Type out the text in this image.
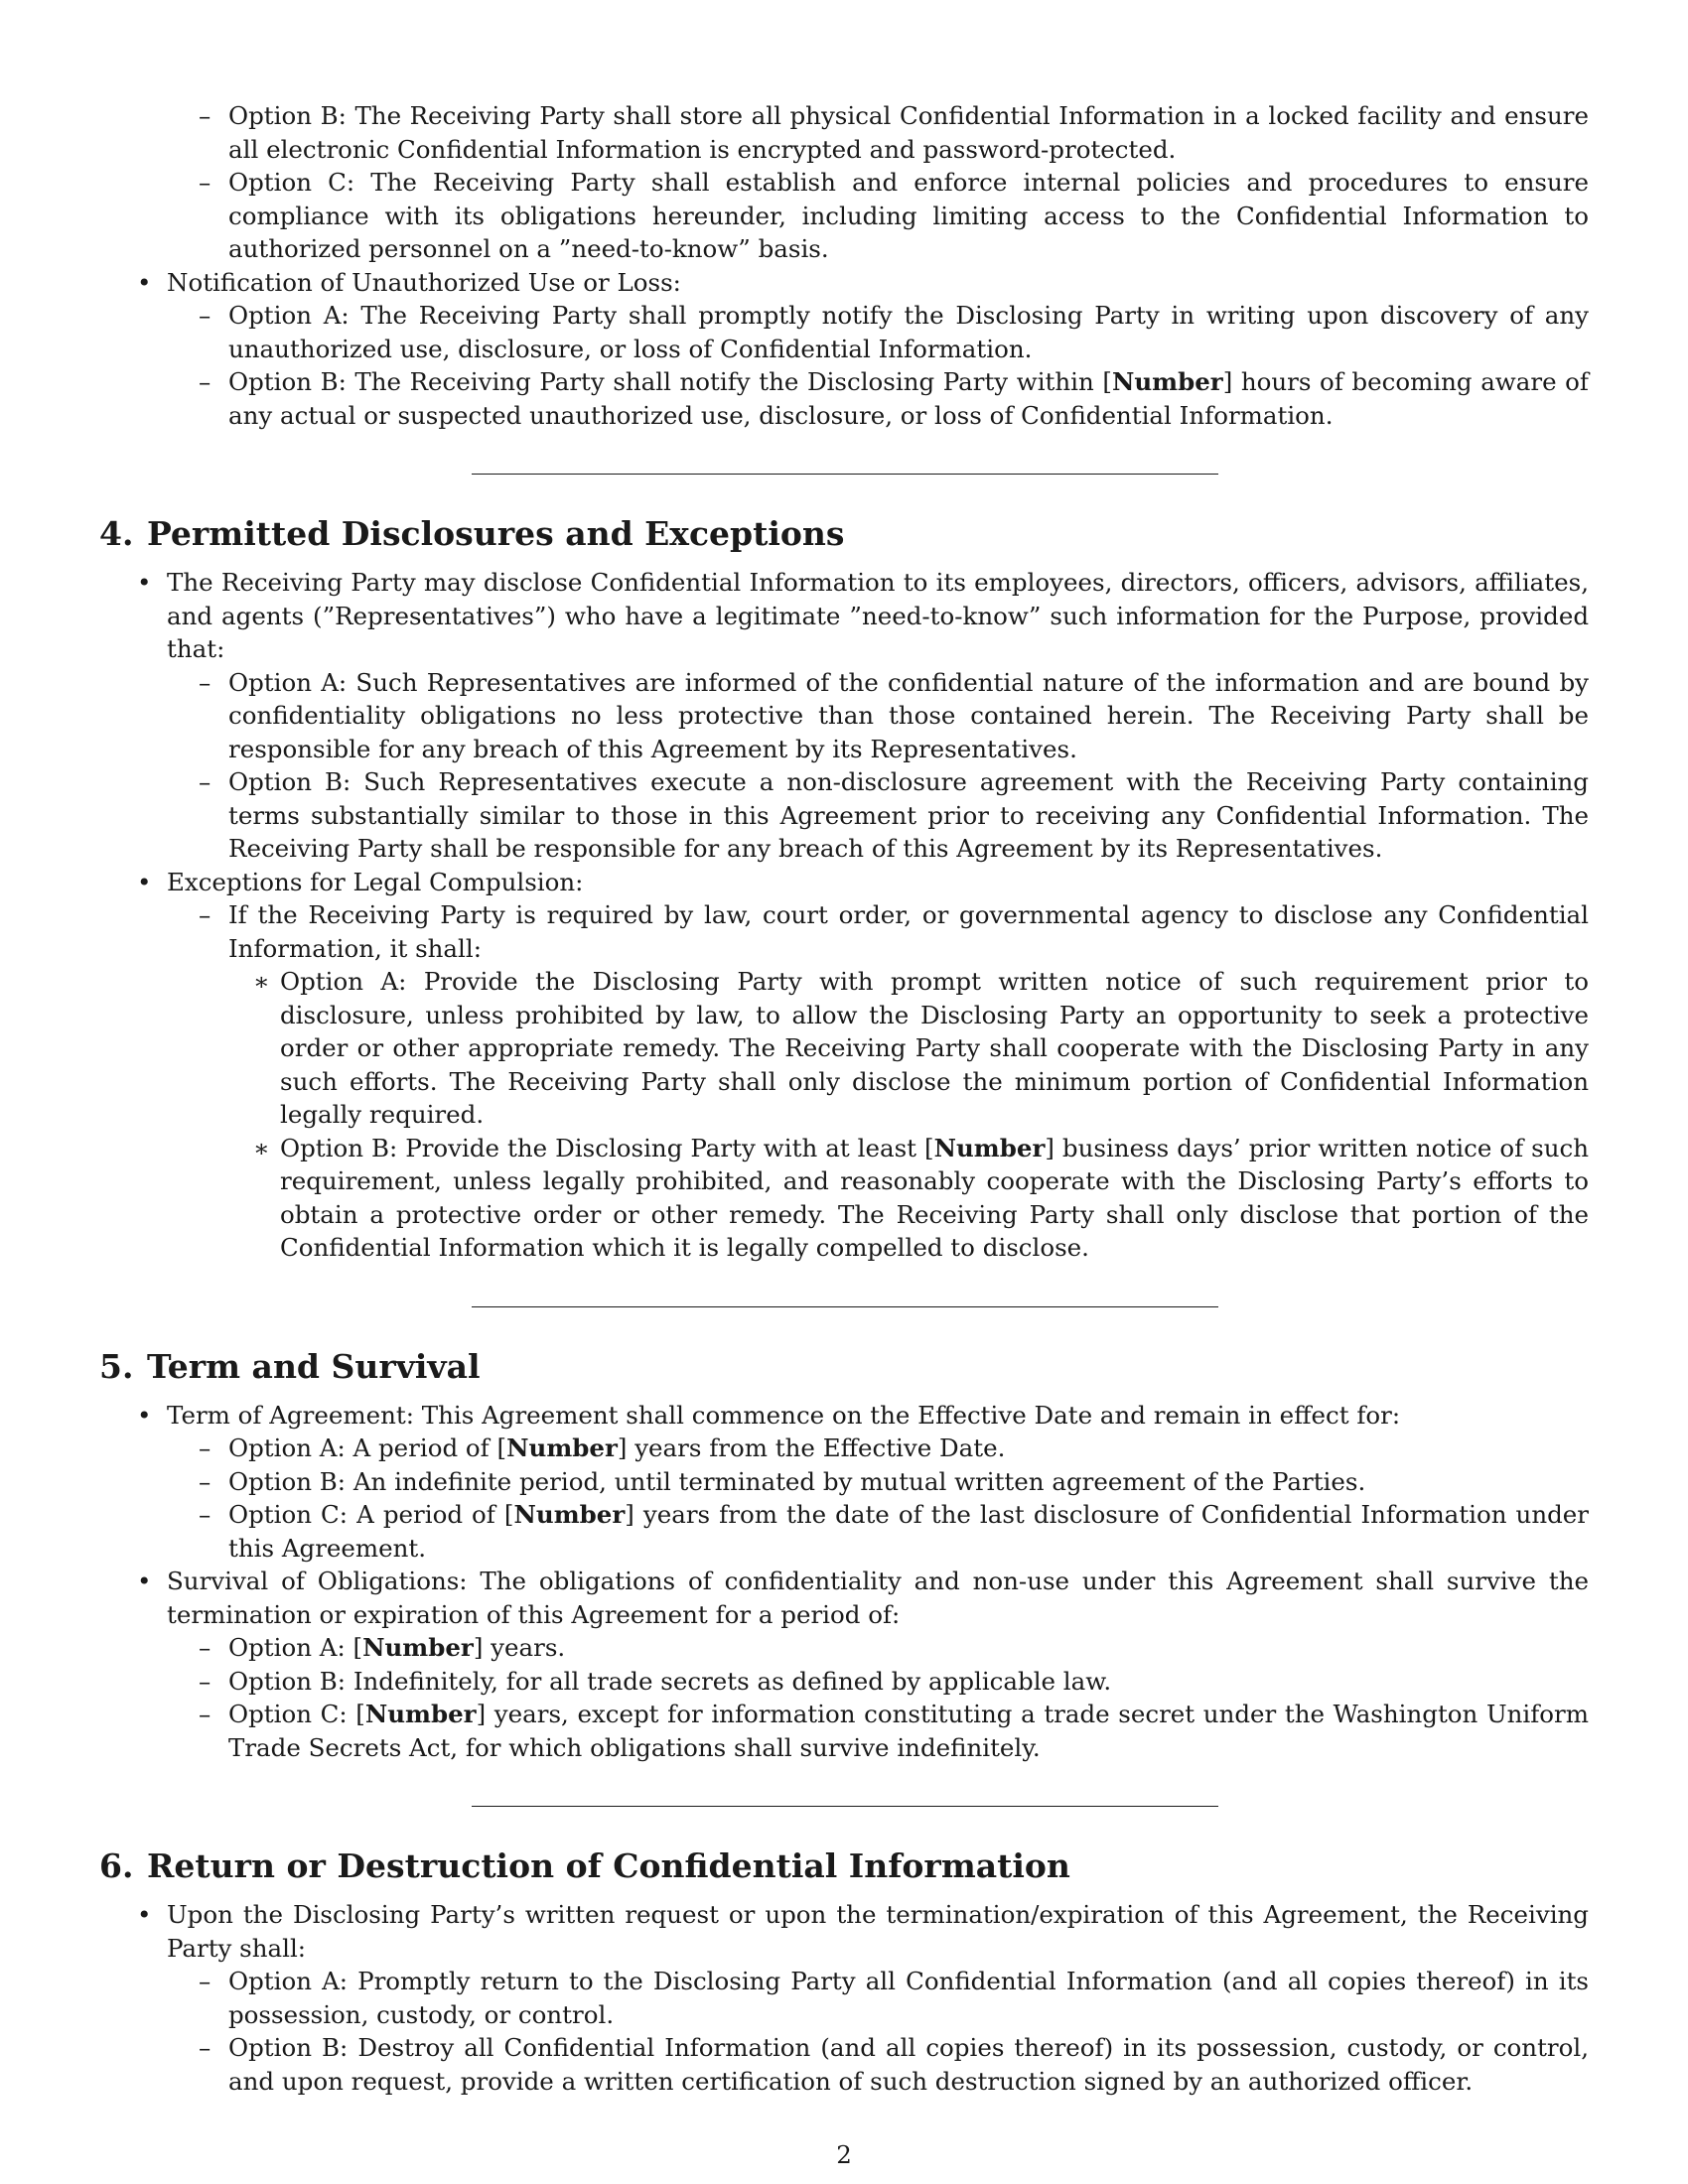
– Option B: The Receiving Party shall store all physical Confidential Information in a locked facility and ensure all electronic Confidential Information is encrypted and password-protected.

– Option C: The Receiving Party shall establish and enforce internal policies and procedures to ensure compliance with its obligations hereunder, including limiting access to the Confidential Information to authorized personnel on a ”need-to-know” basis.

• Notification of Unauthorized Use or Loss:

– Option A: The Receiving Party shall promptly notify the Disclosing Party in writing upon discovery of any unauthorized use, disclosure, or loss of Confidential Information.

– Option B: The Receiving Party shall notify the Disclosing Party within [Number] hours of becoming aware of any actual or suspected unauthorized use, disclosure, or loss of Confidential Information.

4. Permitted Disclosures and Exceptions

• The Receiving Party may disclose Confidential Information to its employees, directors, officers, advisors, affiliates, and agents (”Representatives”) who have a legitimate ”need-to-know” such information for the Purpose, provided that:

– Option A: Such Representatives are informed of the confidential nature of the information and are bound by confidentiality obligations no less protective than those contained herein. The Receiving Party shall be responsible for any breach of this Agreement by its Representatives.

– Option B: Such Representatives execute a non-disclosure agreement with the Receiving Party containing terms substantially similar to those in this Agreement prior to receiving any Confidential Information. The Receiving Party shall be responsible for any breach of this Agreement by its Representatives.

• Exceptions for Legal Compulsion:

– If the Receiving Party is required by law, court order, or governmental agency to disclose any Confidential Information, it shall:

∗ Option A: Provide the Disclosing Party with prompt written notice of such requirement prior to disclosure, unless prohibited by law, to allow the Disclosing Party an opportunity to seek a protective order or other appropriate remedy. The Receiving Party shall cooperate with the Disclosing Party in any such efforts. The Receiving Party shall only disclose the minimum portion of Confidential Information legally required.

∗ Option B: Provide the Disclosing Party with at least [Number] business days’ prior written notice of such requirement, unless legally prohibited, and reasonably cooperate with the Disclosing Party’s efforts to obtain a protective order or other remedy. The Receiving Party shall only disclose that portion of the Confidential Information which it is legally compelled to disclose.

5. Term and Survival

• Term of Agreement: This Agreement shall commence on the Effective Date and remain in effect for:

– Option A: A period of [Number] years from the Effective Date.

– Option B: An indefinite period, until terminated by mutual written agreement of the Parties.

– Option C: A period of [Number] years from the date of the last disclosure of Confidential Information under this Agreement.

• Survival of Obligations: The obligations of confidentiality and non-use under this Agreement shall survive the termination or expiration of this Agreement for a period of:

– Option A: [Number] years.

– Option B: Indefinitely, for all trade secrets as defined by applicable law.

– Option C: [Number] years, except for information constituting a trade secret under the Washington Uniform Trade Secrets Act, for which obligations shall survive indefinitely.

6. Return or Destruction of Confidential Information

• Upon the Disclosing Party’s written request or upon the termination/expiration of this Agreement, the Receiving Party shall:

– Option A: Promptly return to the Disclosing Party all Confidential Information (and all copies thereof) in its possession, custody, or control.

– Option B: Destroy all Confidential Information (and all copies thereof) in its possession, custody, or control, and upon request, provide a written certification of such destruction signed by an authorized officer.

2
